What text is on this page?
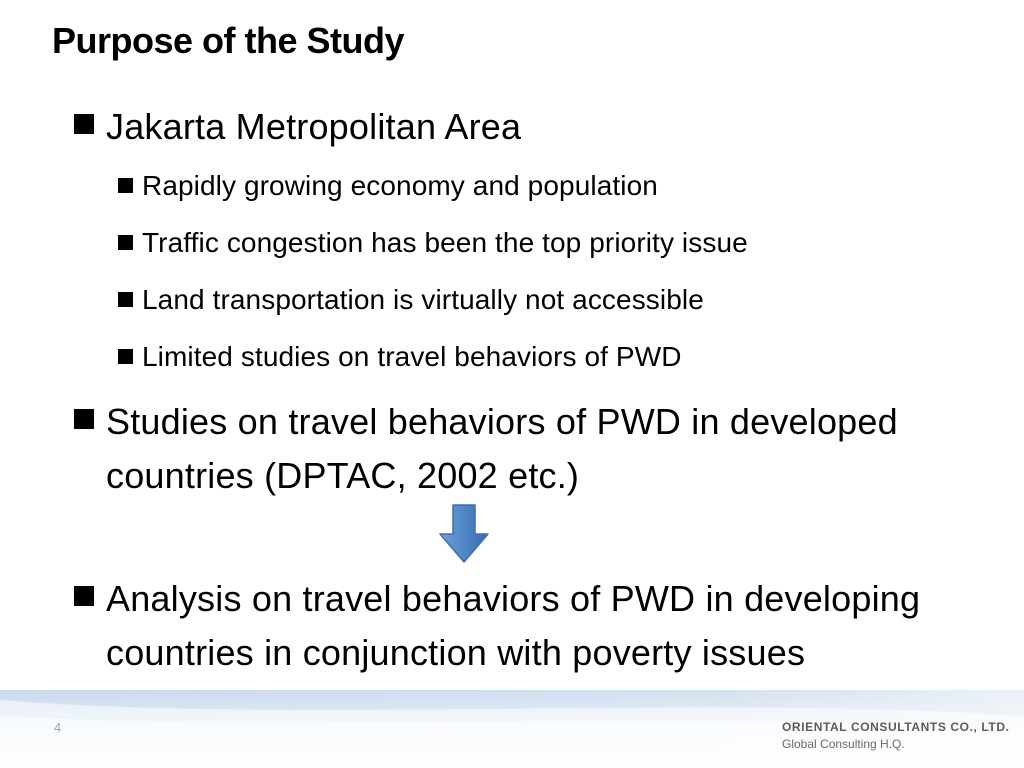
Purpose of the Study
Jakarta Metropolitan Area
Rapidly growing economy and population
Traffic congestion has been the top priority issue
Land transportation is virtually not accessible
Limited studies on travel behaviors of PWD
Studies on travel behaviors of PWD in developed countries (DPTAC, 2002 etc.)
Analysis on travel behaviors of PWD in developing countries in conjunction with poverty issues
4	ORIENTAL CONSULTANTS CO., LTD.
Global Consulting H.Q.
